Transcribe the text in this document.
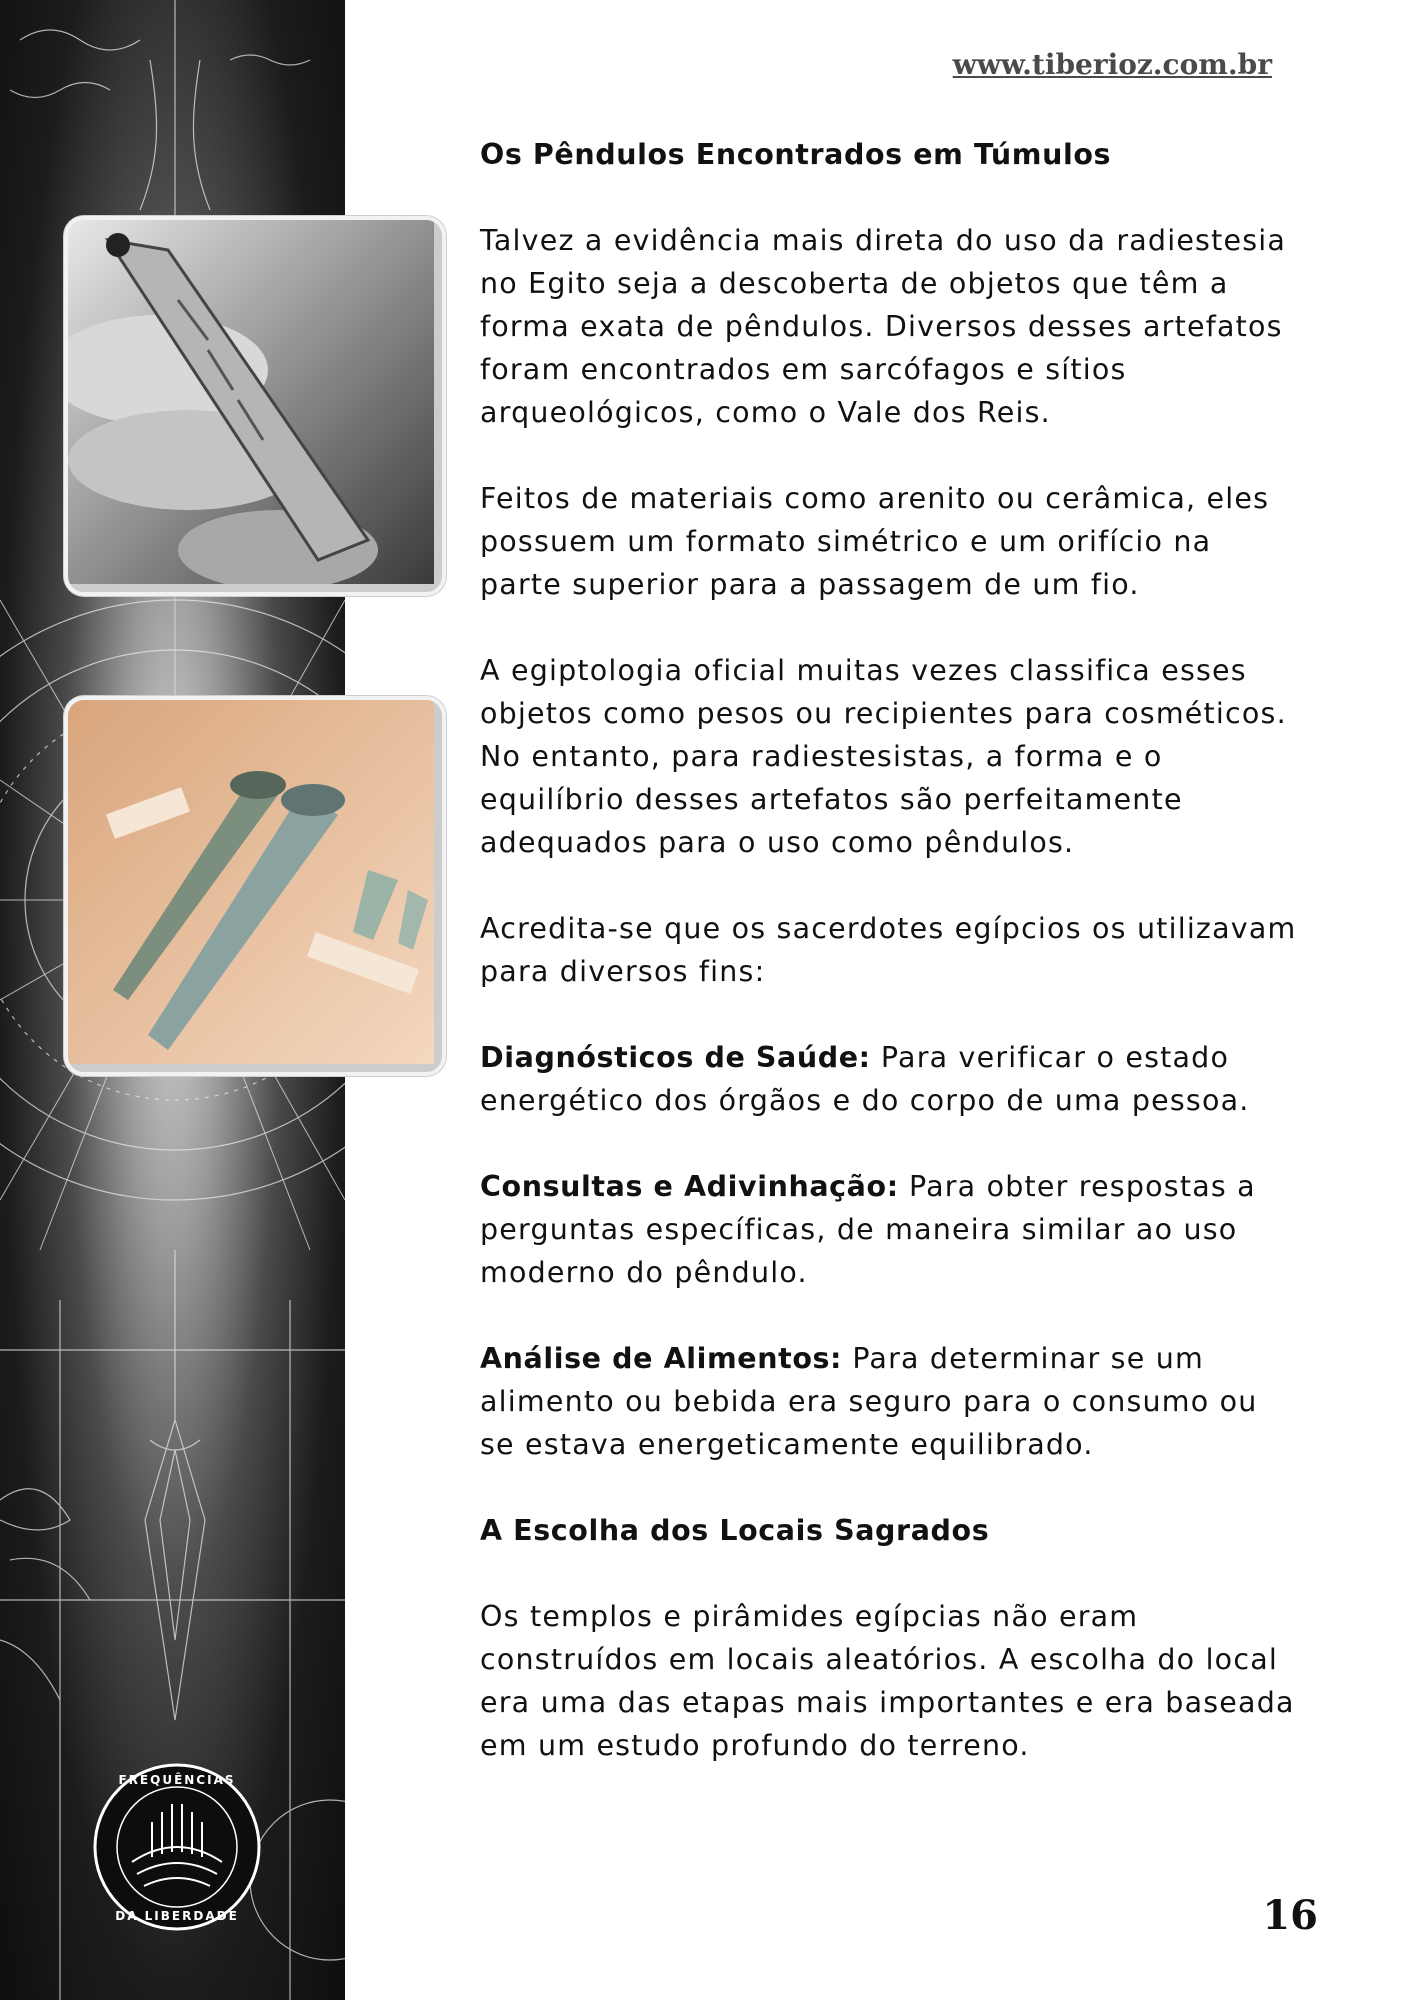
FREQUÊNCIAS
DA LIBERDADE
www.tiberioz.com.br
Os Pêndulos Encontrados em Túmulos

Talvez a evidência mais direta do uso da radiestesia no Egito seja a descoberta de objetos que têm a forma exata de pêndulos. Diversos desses artefatos foram encontrados em sarcófagos e sítios arqueológicos, como o Vale dos Reis.

Feitos de materiais como arenito ou cerâmica, eles possuem um formato simétrico e um orifício na parte superior para a passagem de um fio.

A egiptologia oficial muitas vezes classifica esses objetos como pesos ou recipientes para cosméticos. No entanto, para radiestesistas, a forma e o equilíbrio desses artefatos são perfeitamente adequados para o uso como pêndulos.

Acredita-se que os sacerdotes egípcios os utilizavam para diversos fins:

Diagnósticos de Saúde: Para verificar o estado energético dos órgãos e do corpo de uma pessoa.

Consultas e Adivinhação: Para obter respostas a perguntas específicas, de maneira similar ao uso moderno do pêndulo.

Análise de Alimentos: Para determinar se um alimento ou bebida era seguro para o consumo ou se estava energeticamente equilibrado.

A Escolha dos Locais Sagrados

Os templos e pirâmides egípcias não eram construídos em locais aleatórios. A escolha do local era uma das etapas mais importantes e era baseada em um estudo profundo do terreno.

16
